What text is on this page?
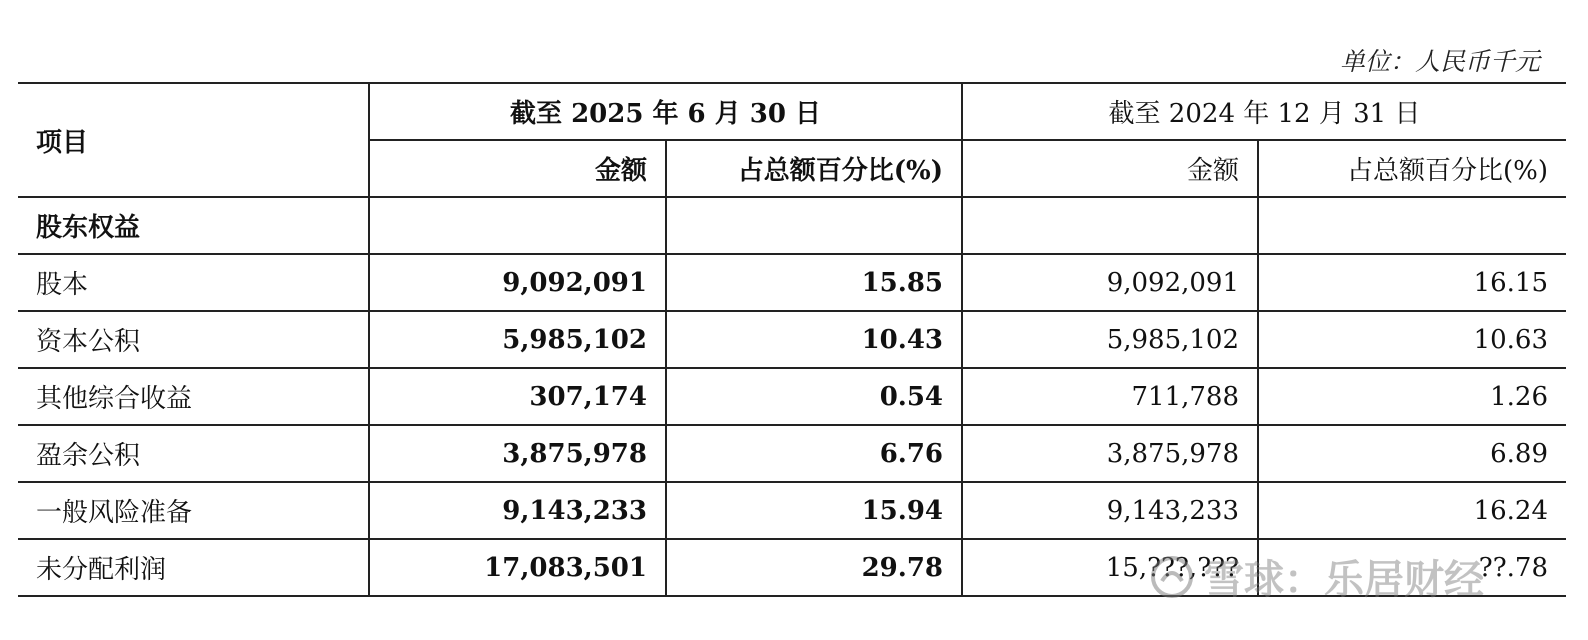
单位：人民币千元
项目	截至 2025 年 6 月 30 日		截至 2024 年 12 月 31 日	
	金额	占总额百分比(%)	金额	占总额百分比(%)
股东权益				
股本	9,092,091	15.85	9,092,091	16.15
资本公积	5,985,102	10.43	5,985,102	10.63
其他综合收益	307,174	0.54	711,788	1.26
盈余公积	3,875,978	6.76	3,875,978	6.89
一般风险准备	9,143,233	15.94	9,143,233	16.24
未分配利润	17,083,501	29.78	15,???,???	??.78
雪球：乐居财经
